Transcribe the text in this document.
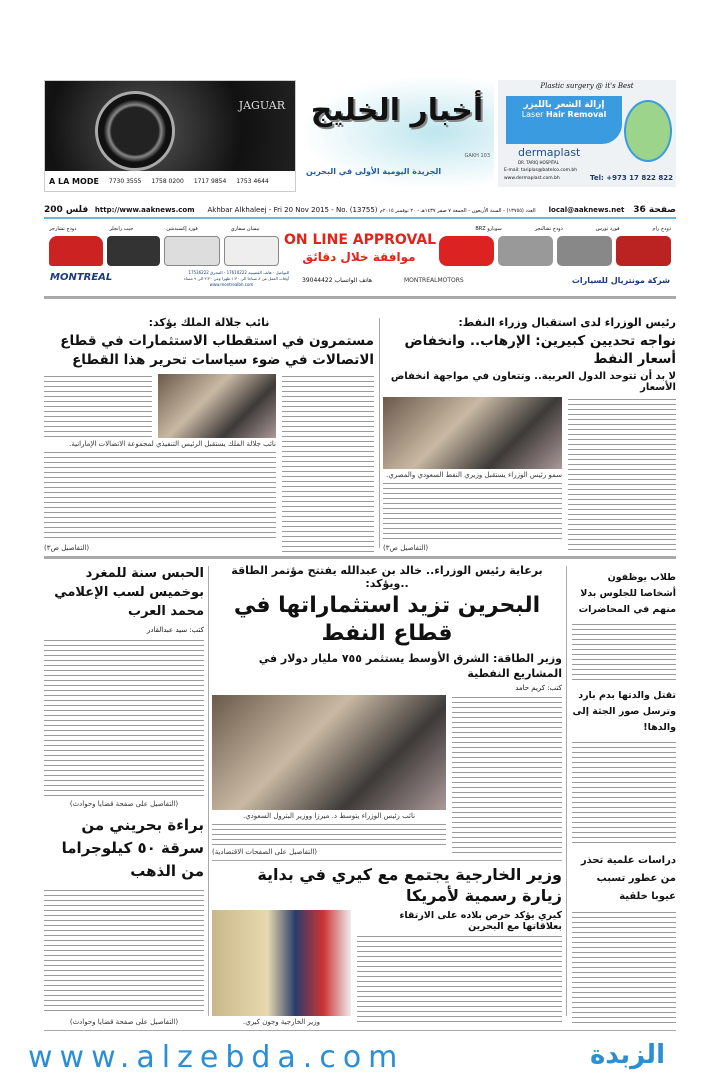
JAGUAR
A LA MODE 7730 3555 1758 0200 1717 9854 1753 4644
أخبار الخليج
الجريدة اليومية الأولى في البحرين
GAKH 103
Plastic surgery @ it's Best
إزالة الشعر بالليزر
Laser Hair Removal
dermaplast
DR. TARIQ HOSPITAL
E-mail: tariplas@batelco.com.bh
www.dermaplast.com.bh	Tel: +973 17 822 822
200 فلس http://www.aaknews.com Akhbar Alkhaleej - Fri 20 Nov 2015 - No. (13755) العدد (١٣٧٥٥) - السنة الأربعون - الجمعة ٧ صفر ١٤٣٧هـ - ٢٠ نوفمبر ٢٠١٥م local@aaknews.net 36 صفحة
ON LINE APPROVAL
موافقة خلال دقائق
دودج رام
فورد تورس
دودج تشالنجر
سوبارو BRZ
نيسان سفاري
فورد إكسبدشن
جيب رانجلر
دودج تشارجر
MONTREAL	للتواصل - هاتف القضيبية 17610222 - المحرق 17536222
أوقات العمل من ٨ صباحا الى ١:٣٠ ظهرا ومن ٣:٣٠ الى ٩ مساء
www.montrealbh.com
هاتف الواتساب 39044422	MONTREALMOTORS	شركة مونتريال للسيارات
رئيس الوزراء لدى استقبال وزراء النفط:
نواجه تحديين كبيرين: الإرهاب.. وانخفاض أسعار النفط
لا بد أن تتوحد الدول العربية.. وتتعاون في مواجهة انخفاض الأسعار
سمو رئيس الوزراء يستقبل وزيري النفط السعودي والمصري.
(التفاصيل ص٣)
نائب جلالة الملك يؤكد:
مستمرون في استقطاب الاستثمارات في قطاع الاتصالات في ضوء سياسات تحرير هذا القطاع
نائب جلالة الملك يستقبل الرئيس التنفيذي لمجموعة الاتصالات الإماراتية.
(التفاصيل ص٣)
الحبس سنة للمغرد بوخميس لسب الإعلامي محمد العرب
كتب: سيد عبدالقادر
(التفاصيل على صفحة قضايا وحوادث)
براءة بحريني من سرقة ٥٠ كيلوجراما من الذهب
(التفاصيل على صفحة قضايا وحوادث)
برعاية رئيس الوزراء.. خالد بن عبدالله يفتتح مؤتمر الطاقة ..ويؤكد:
البحرين تزيد استثماراتها في قطاع النفط
وزير الطاقة: الشرق الأوسط يستثمر ٧٥٥ مليار دولار في المشاريع النفطية
كتب: كريم حامد
نائب رئيس الوزراء يتوسط د. ميرزا ووزير البترول السعودي.
(التفاصيل على الصفحات الاقتصادية)
وزير الخارجية يجتمع مع كيري في بداية زيارة رسمية لأمريكا
كيري يؤكد حرص بلاده على الارتقاء بعلاقاتها مع البحرين
وزير الخارجية وجون كيري.
طلاب يوظفون أشخاصا للجلوس بدلا منهم في المحاضرات
تقتل والدتها بدم بارد وترسل صور الجثة إلى والدها!
دراسات علمية تحذر من عطور تسبب عيوبا خلقية
www.alzebda.com	الزبدة
